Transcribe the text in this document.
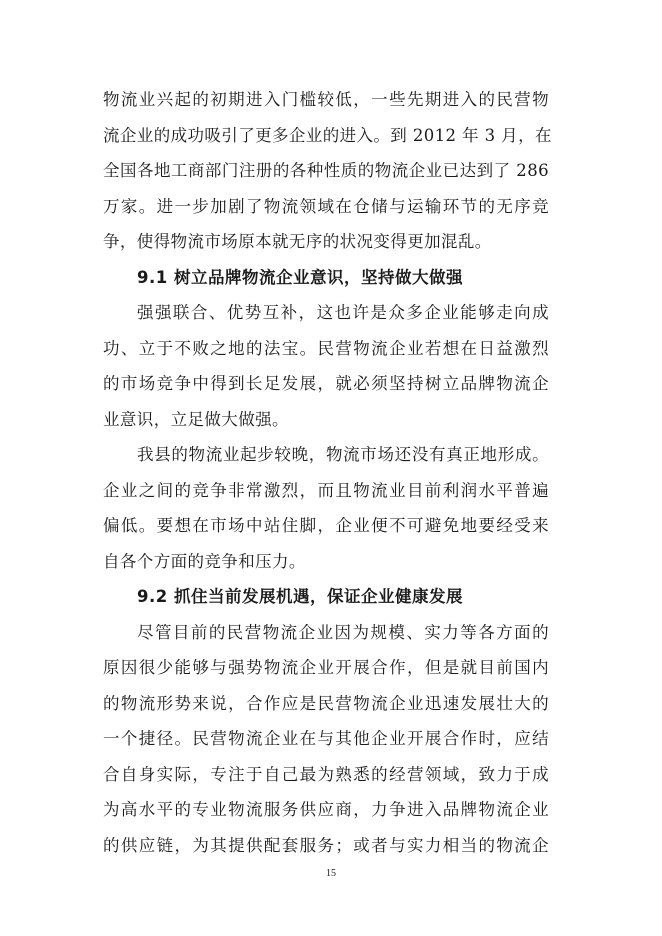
物流业兴起的初期进入门槛较低，一些先期进入的民营物
流企业的成功吸引了更多企业的进入。到 2012 年 3 月，在
全国各地工商部门注册的各种性质的物流企业已达到了 286
万家。进一步加剧了物流领域在仓储与运输环节的无序竞
争，使得物流市场原本就无序的状况变得更加混乱。
9.1 树立品牌物流企业意识，坚持做大做强
强强联合、优势互补，这也许是众多企业能够走向成
功、立于不败之地的法宝。民营物流企业若想在日益激烈
的市场竞争中得到长足发展，就必须坚持树立品牌物流企
业意识，立足做大做强。
我县的物流业起步较晚，物流市场还没有真正地形成。
企业之间的竞争非常激烈，而且物流业目前利润水平普遍
偏低。要想在市场中站住脚，企业便不可避免地要经受来
自各个方面的竞争和压力。
9.2 抓住当前发展机遇，保证企业健康发展
尽管目前的民营物流企业因为规模、实力等各方面的
原因很少能够与强势物流企业开展合作，但是就目前国内
的物流形势来说，合作应是民营物流企业迅速发展壮大的
一个捷径。民营物流企业在与其他企业开展合作时，应结
合自身实际，专注于自己最为熟悉的经营领域，致力于成
为高水平的专业物流服务供应商，力争进入品牌物流企业
的供应链，为其提供配套服务；或者与实力相当的物流企
15
